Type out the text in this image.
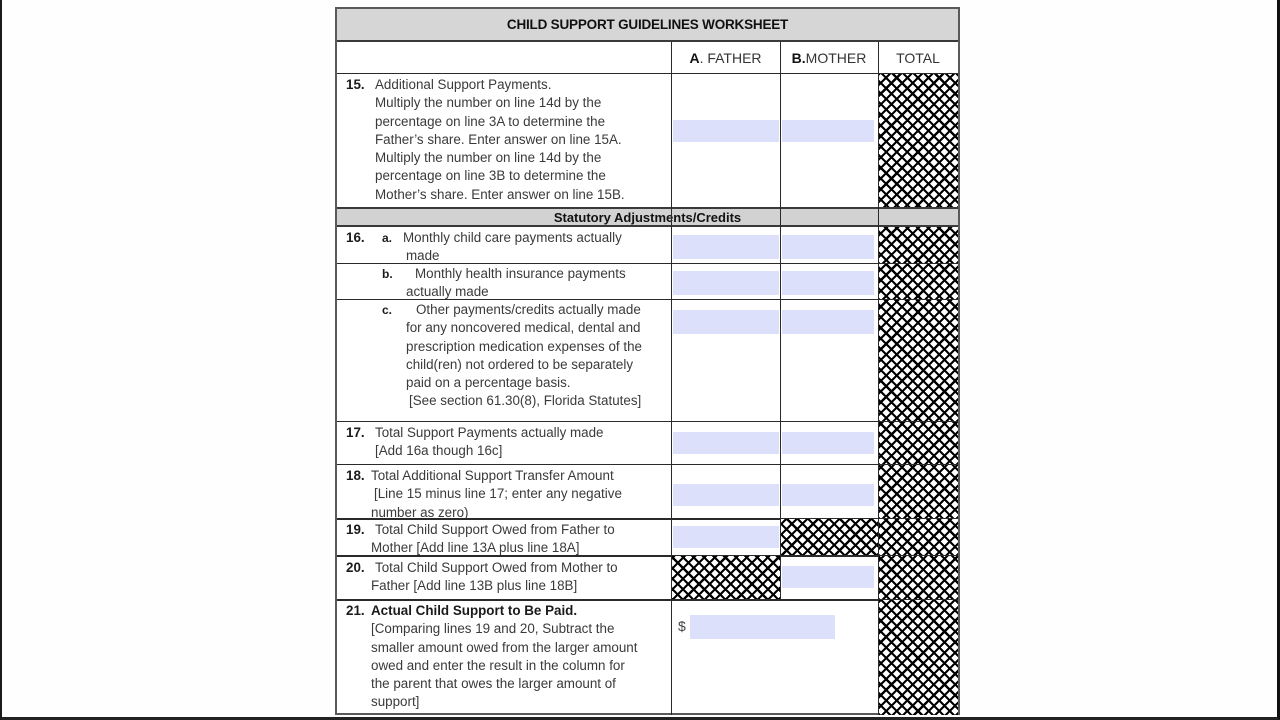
CHILD SUPPORT GUIDELINES WORKSHEET
A . FATHER B. MOTHER	TOTAL
15. Additional Support Payments.
Multiply the number on line 14d by the
percentage on line 3A to determine the
Father’s share. Enter answer on line 15A.
Multiply the number on line 14d by the
percentage on line 3B to determine the
Mother’s share. Enter answer on line 15B.
Statutory Adjustments/Credits
16. a. Monthly child care payments actually
made
b. Monthly health insurance payments
actually made
c. Other payments/credits actually made
for any noncovered medical, dental and
prescription medication expenses of the
child(ren) not ordered to be separately
paid on a percentage basis.
[See section 61.30(8), Florida Statutes]
17. Total Support Payments actually made
[Add 16a though 16c]
18. Total Additional Support Transfer Amount
[Line 15 minus line 17; enter any negative
number as zero)
19. Total Child Support Owed from Father to
Mother [Add line 13A plus line 18A]
20. Total Child Support Owed from Mother to
Father [Add line 13B plus line 18B]
21. Actual Child Support to Be Paid.
[Comparing lines 19 and 20, Subtract the
smaller amount owed from the larger amount
owed and enter the result in the column for
the parent that owes the larger amount of
support]
$
